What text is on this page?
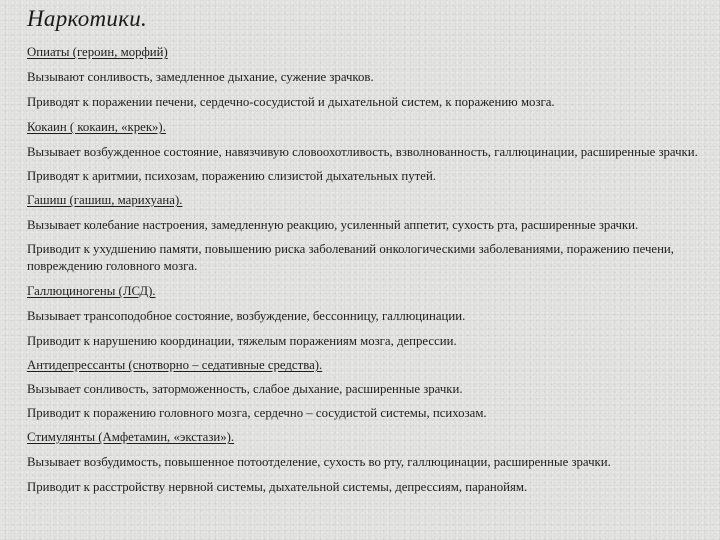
Наркотики.

Опиаты (героин, морфий)

Вызывают сонливость, замедленное дыхание, сужение зрачков.

Приводят к поражении печени, сердечно-сосудистой и дыхательной систем, к поражению мозга.

Кокаин ( кокаин, «крек»).

Вызывает возбужденное состояние, навязчивую словоохотливость, взволнованность, галлюцинации, расширенные зрачки.

Приводят к аритмии, психозам, поражению слизистой дыхательных путей.

Гашиш (гашиш, марихуана).

Вызывает колебание настроения, замедленную реакцию, усиленный аппетит, сухость рта, расширенные зрачки.

Приводит к ухудшению памяти, повышению риска заболеваний онкологическими заболеваниями, поражению печени, повреждению головного мозга.

Галлюциногены (ЛСД).

Вызывает трансоподобное состояние, возбуждение, бессонницу, галлюцинации.

Приводит к нарушению координации, тяжелым поражениям мозга, депрессии.

Антидепрессанты (снотворно – седативные средства).

Вызывает сонливость, заторможенность, слабое дыхание, расширенные зрачки.

Приводит к поражению головного мозга, сердечно – сосудистой системы, психозам.

Стимулянты (Амфетамин, «экстази»).

Вызывает возбудимость, повышенное потоотделение, сухость во рту, галлюцинации, расширенные зрачки.

Приводит к расстройству нервной системы, дыхательной системы, депрессиям, паранойям.
